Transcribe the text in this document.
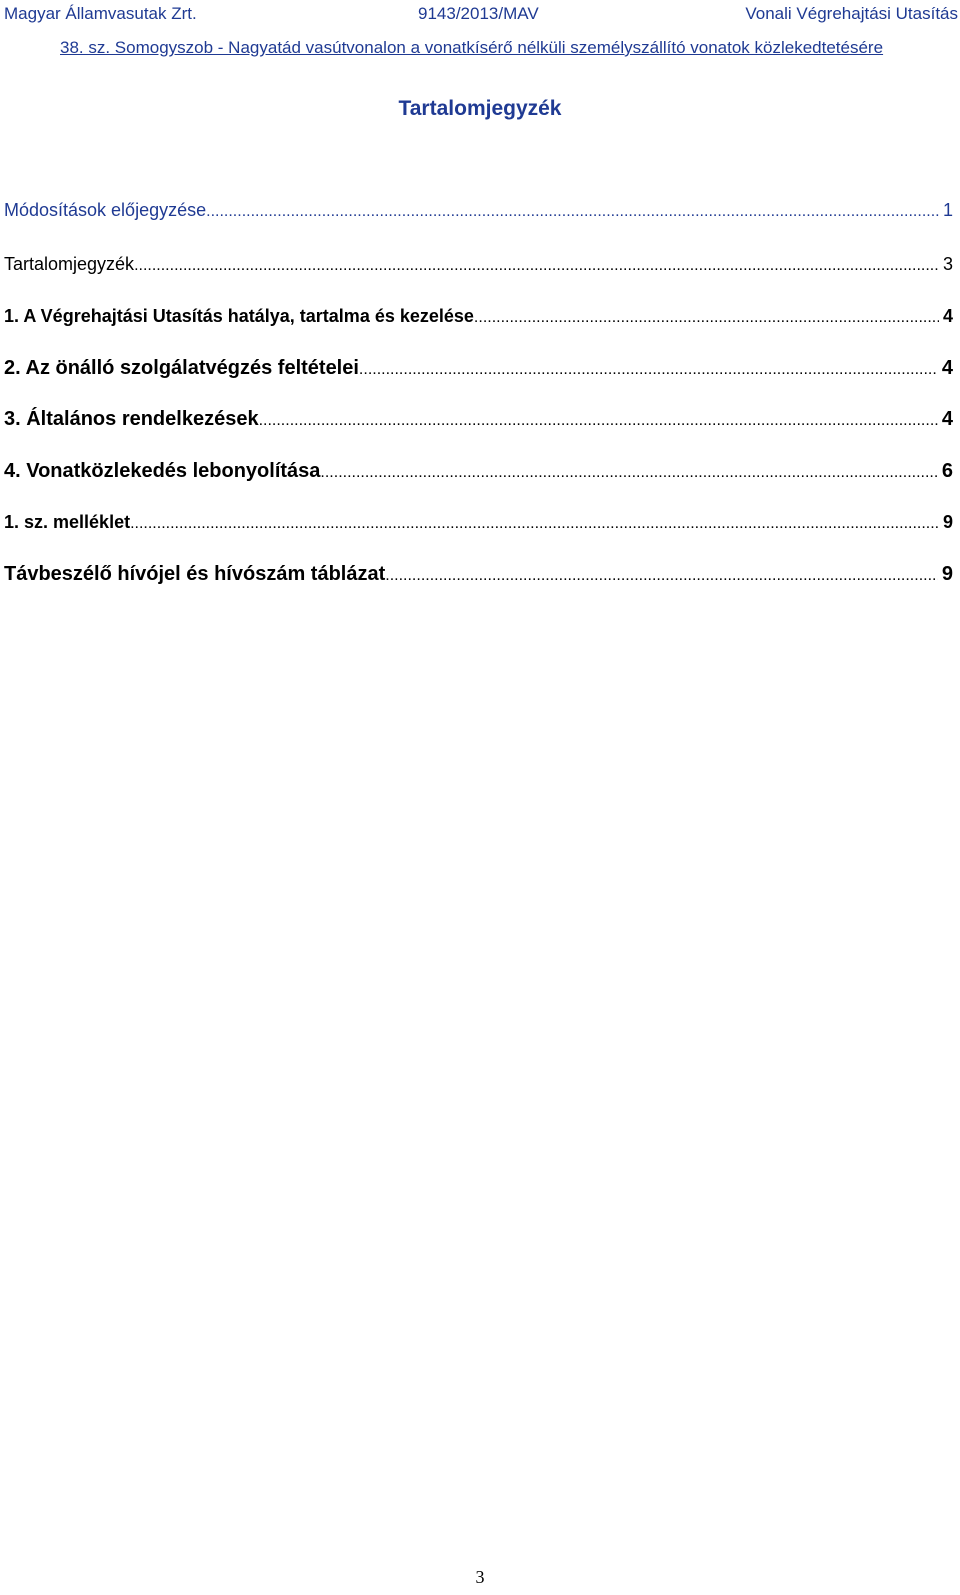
Magyar Államvasutak Zrt.	9143/2013/MAV	Vonali Végrehajtási Utasítás
38. sz. Somogyszob - Nagyatád vasútvonalon a vonatkísérő nélküli személyszállító vonatok közlekedtetésére
Tartalomjegyzék
Módosítások előjegyzése .....	1
Tartalomjegyzék .....	3
1. A Végrehajtási Utasítás hatálya, tartalma és kezelése .....	4
2. Az önálló szolgálatvégzés feltételei .....	4
3. Általános rendelkezések .....	4
4. Vonatközlekedés lebonyolítása .....	6
1. sz. melléklet .....	9
Távbeszélő hívójel és hívószám táblázat .....	9
3
